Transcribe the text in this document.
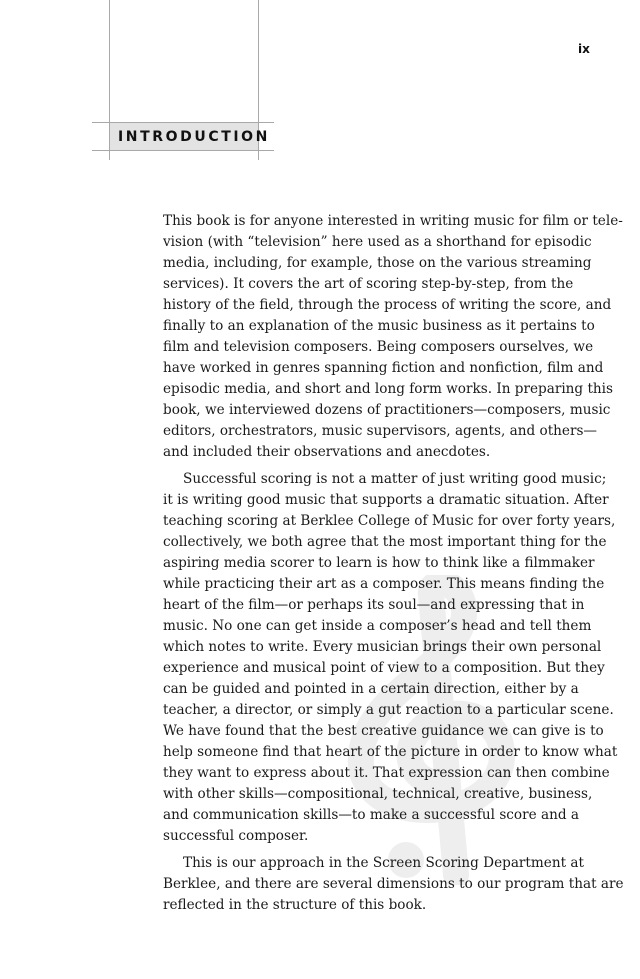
INTRODUCTION
ix
This book is for anyone interested in writing music for film or tele-
vision (with “television” here used as a shorthand for episodic
media, including, for example, those on the various streaming
services). It covers the art of scoring step-by-step, from the
history of the field, through the process of writing the score, and
finally to an explanation of the music business as it pertains to
film and television composers. Being composers ourselves, we
have worked in genres spanning fiction and nonfiction, film and
episodic media, and short and long form works. In preparing this
book, we interviewed dozens of practitioners—composers, music
editors, orchestrators, music supervisors, agents, and others—
and included their observations and anecdotes.
Successful scoring is not a matter of just writing good music;
it is writing good music that supports a dramatic situation. After
teaching scoring at Berklee College of Music for over forty years,
collectively, we both agree that the most important thing for the
aspiring media scorer to learn is how to think like a filmmaker
while practicing their art as a composer. This means finding the
heart of the film—or perhaps its soul—and expressing that in
music. No one can get inside a composer’s head and tell them
which notes to write. Every musician brings their own personal
experience and musical point of view to a composition. But they
can be guided and pointed in a certain direction, either by a
teacher, a director, or simply a gut reaction to a particular scene.
We have found that the best creative guidance we can give is to
help someone find that heart of the picture in order to know what
they want to express about it. That expression can then combine
with other skills—compositional, technical, creative, business,
and communication skills—to make a successful score and a
successful composer.
This is our approach in the Screen Scoring Department at
Berklee, and there are several dimensions to our program that are
reflected in the structure of this book.
